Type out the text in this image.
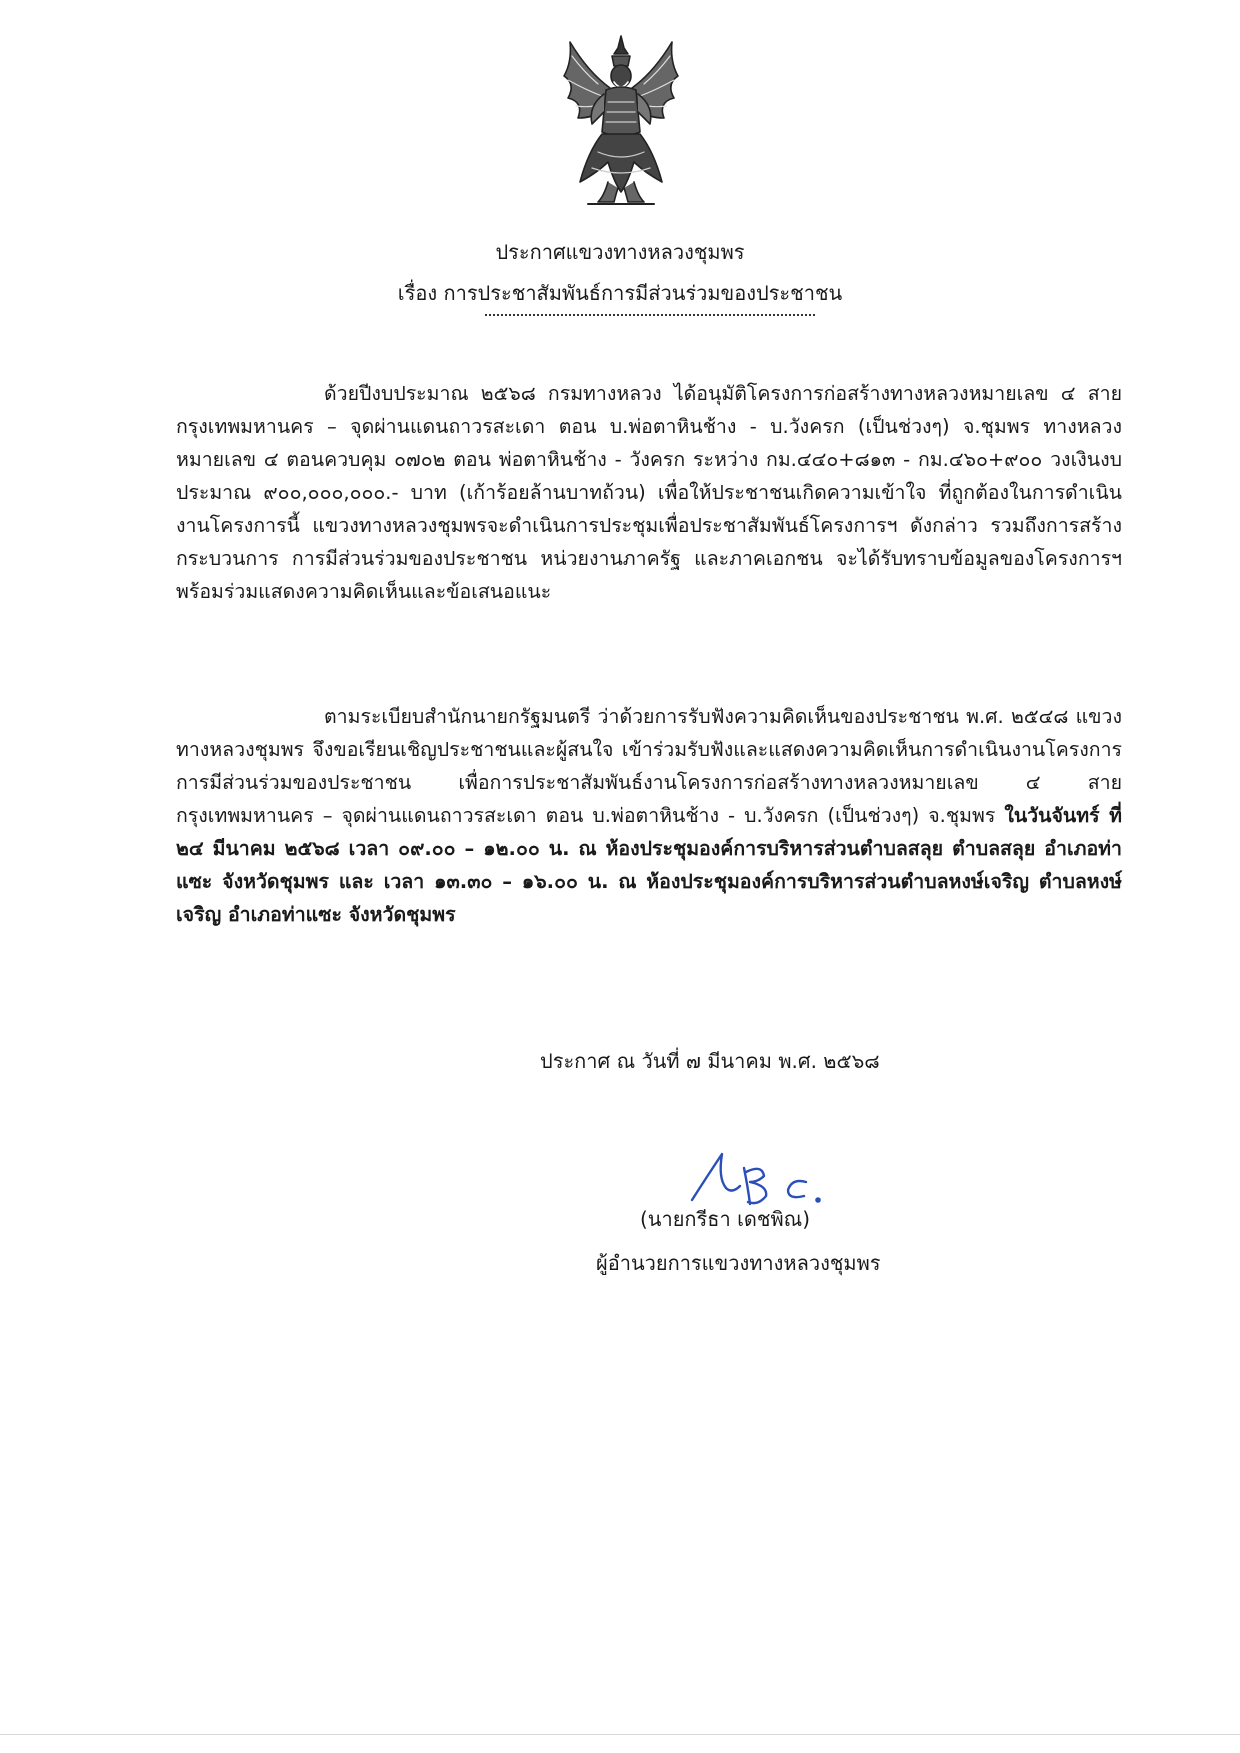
ประกาศแขวงทางหลวงชุมพร
เรื่อง การประชาสัมพันธ์การมีส่วนร่วมของประชาชน

ด้วยปีงบประมาณ ๒๕๖๘ กรมทางหลวง ได้อนุมัติโครงการก่อสร้างทางหลวงหมายเลข ๔ สายกรุงเทพมหานคร – จุดผ่านแดนถาวรสะเดา ตอน บ.พ่อตาหินช้าง - บ.วังครก (เป็นช่วงๆ) จ.ชุมพร ทางหลวงหมายเลข ๔ ตอนควบคุม ๐๗๐๒ ตอน พ่อตาหินช้าง - วังครก ระหว่าง กม.๔๔๐+๘๑๓ - กม.๔๖๐+๙๐๐ วงเงินงบประมาณ ๙๐๐,๐๐๐,๐๐๐.- บาท (เก้าร้อยล้านบาทถ้วน) เพื่อให้ประชาชนเกิดความเข้าใจ ที่ถูกต้องในการดำเนินงานโครงการนี้ แขวงทางหลวงชุมพรจะดำเนินการประชุมเพื่อประชาสัมพันธ์โครงการฯ ดังกล่าว รวมถึงการสร้างกระบวนการ การมีส่วนร่วมของประชาชน หน่วยงานภาครัฐ และภาคเอกชน จะได้รับทราบข้อมูลของโครงการฯ พร้อมร่วมแสดงความคิดเห็นและข้อเสนอแนะ

ตามระเบียบสำนักนายกรัฐมนตรี ว่าด้วยการรับฟังความคิดเห็นของประชาชน พ.ศ. ๒๕๔๘ แขวงทางหลวงชุมพร จึงขอเรียนเชิญประชาชนและผู้สนใจ เข้าร่วมรับฟังและแสดงความคิดเห็นการดำเนินงานโครงการการมีส่วนร่วมของประชาชน เพื่อการประชาสัมพันธ์งานโครงการก่อสร้างทางหลวงหมายเลข ๔ สายกรุงเทพมหานคร – จุดผ่านแดนถาวรสะเดา ตอน บ.พ่อตาหินช้าง - บ.วังครก (เป็นช่วงๆ) จ.ชุมพร ในวันจันทร์ ที่ ๒๔ มีนาคม ๒๕๖๘ เวลา ๐๙.๐๐ – ๑๒.๐๐ น. ณ ห้องประชุมองค์การบริหารส่วนตำบลสลุย ตำบลสลุย อำเภอท่าแซะ จังหวัดชุมพร และ เวลา ๑๓.๓๐ – ๑๖.๐๐ น. ณ ห้องประชุมองค์การบริหารส่วนตำบลหงษ์เจริญ ตำบลหงษ์เจริญ อำเภอท่าแซะ จังหวัดชุมพร

ประกาศ ณ วันที่ ๗ มีนาคม พ.ศ. ๒๕๖๘
(นายกรีธา เดชพิณ)
ผู้อำนวยการแขวงทางหลวงชุมพร
